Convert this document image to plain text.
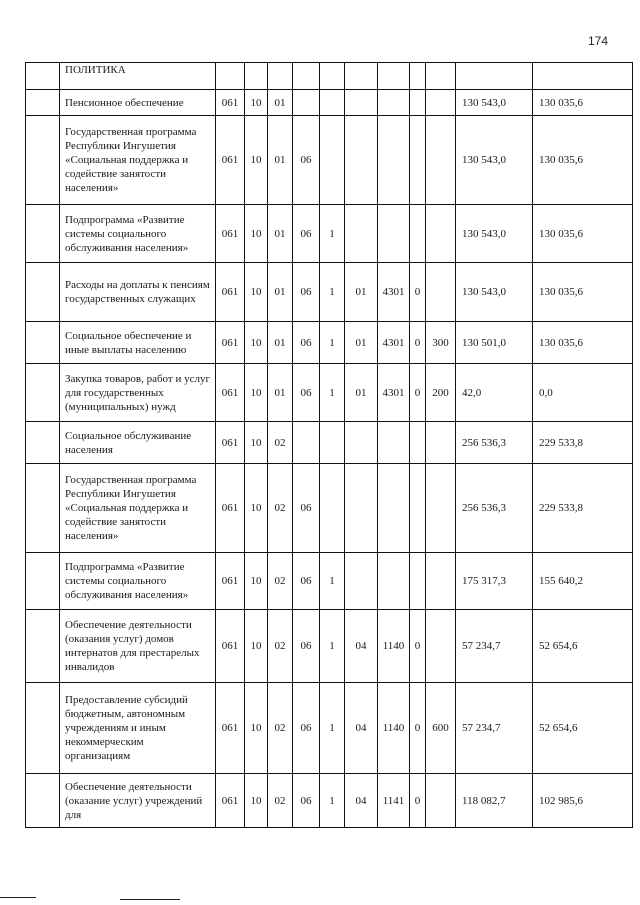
174
	ПОЛИТИКА											
	Пенсионное обеспечение	061	10	01							130 543,0	130 035,6
	Государственная программа Республики Ингушетия «Социальная поддержка и содействие занятости населения»	061	10	01	06						130 543,0	130 035,6
	Подпрограмма «Развитие системы социального обслуживания населения»	061	10	01	06	1					130 543,0	130 035,6
	Расходы на доплаты к пенсиям государственных служащих	061	10	01	06	1	01	4301	0		130 543,0	130 035,6
	Социальное обеспечение и иные выплаты населению	061	10	01	06	1	01	4301	0	300	130 501,0	130 035,6
	Закупка товаров, работ и услуг для государственных (муниципальных) нужд	061	10	01	06	1	01	4301	0	200	42,0	0,0
	Социальное обслуживание населения	061	10	02							256 536,3	229 533,8
	Государственная программа Республики Ингушетия «Социальная поддержка и содействие занятости населения»	061	10	02	06						256 536,3	229 533,8
	Подпрограмма «Развитие системы социального обслуживания населения»	061	10	02	06	1					175 317,3	155 640,2
	Обеспечение деятельности (оказания услуг) домов интернатов для престарелых инвалидов	061	10	02	06	1	04	1140	0		57 234,7	52 654,6
	Предоставление субсидий бюджетным, автономным учреждениям и иным некоммерческим организациям	061	10	02	06	1	04	1140	0	600	57 234,7	52 654,6
	Обеспечение деятельности (оказание услуг) учреждений для	061	10	02	06	1	04	1141	0		118 082,7	102 985,6
